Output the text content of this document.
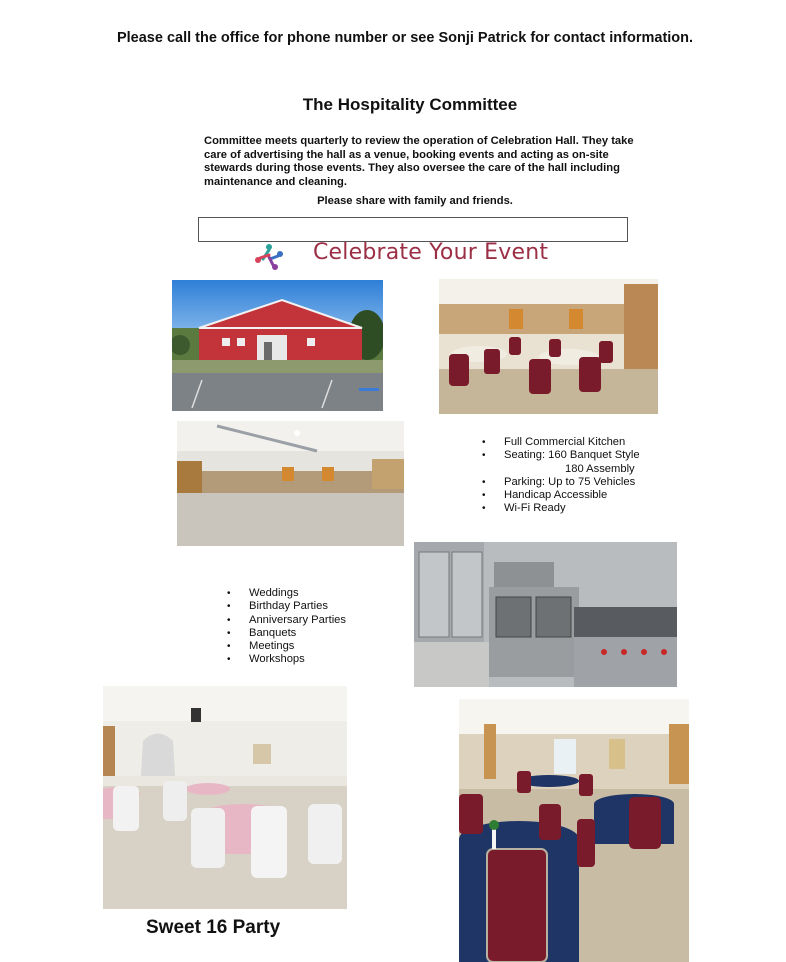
Please call the office for phone number or see Sonji Patrick for contact information.
The Hospitality Committee
Committee meets quarterly to review the operation of Celebration Hall. They take care of advertising the hall as a venue, booking events and acting as on-site stewards during those events. They also oversee the care of the hall including maintenance and cleaning.
Please share with family and friends.
Celebrate Your Event
• Full Commercial Kitchen
• Seating: 160 Banquet Style
180 Assembly
• Parking: Up to 75 Vehicles
• Handicap Accessible
• Wi-Fi Ready
• Weddings
• Birthday Parties
• Anniversary Parties
• Banquets
• Meetings
• Workshops
Sweet 16 Party
